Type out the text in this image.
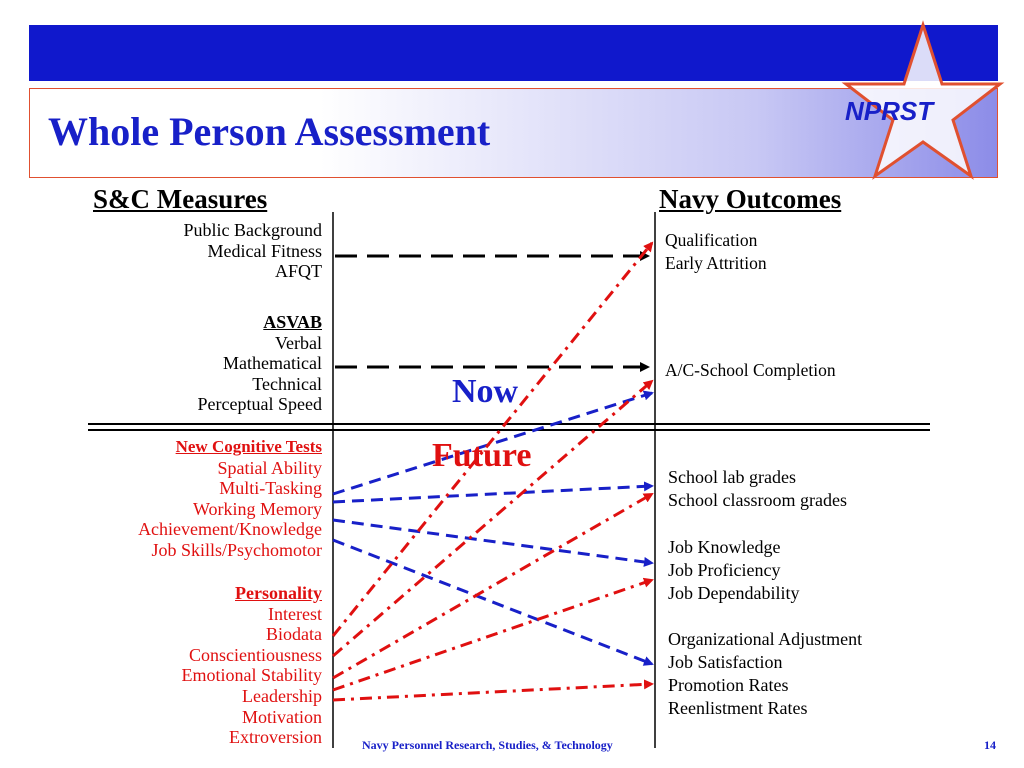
Whole Person Assessment	NPRST
S&C Measures	Navy Outcomes
Public Background
Medical Fitness
AFQT
ASVAB
Verbal
Mathematical
Technical
Perceptual Speed
New Cognitive Tests
Spatial Ability
Multi-Tasking
Working Memory
Achievement/Knowledge
Job Skills/Psychomotor
Personality
Interest
Biodata
Conscientiousness
Emotional Stability
Leadership
Motivation
Extroversion
Qualification
Early Attrition
A/C-School Completion
School lab grades
School classroom grades
Job Knowledge
Job Proficiency
Job Dependability
Organizational Adjustment
Job Satisfaction
Promotion Rates
Reenlistment Rates
Now
Future
Navy Personnel Research, Studies, & Technology	14
